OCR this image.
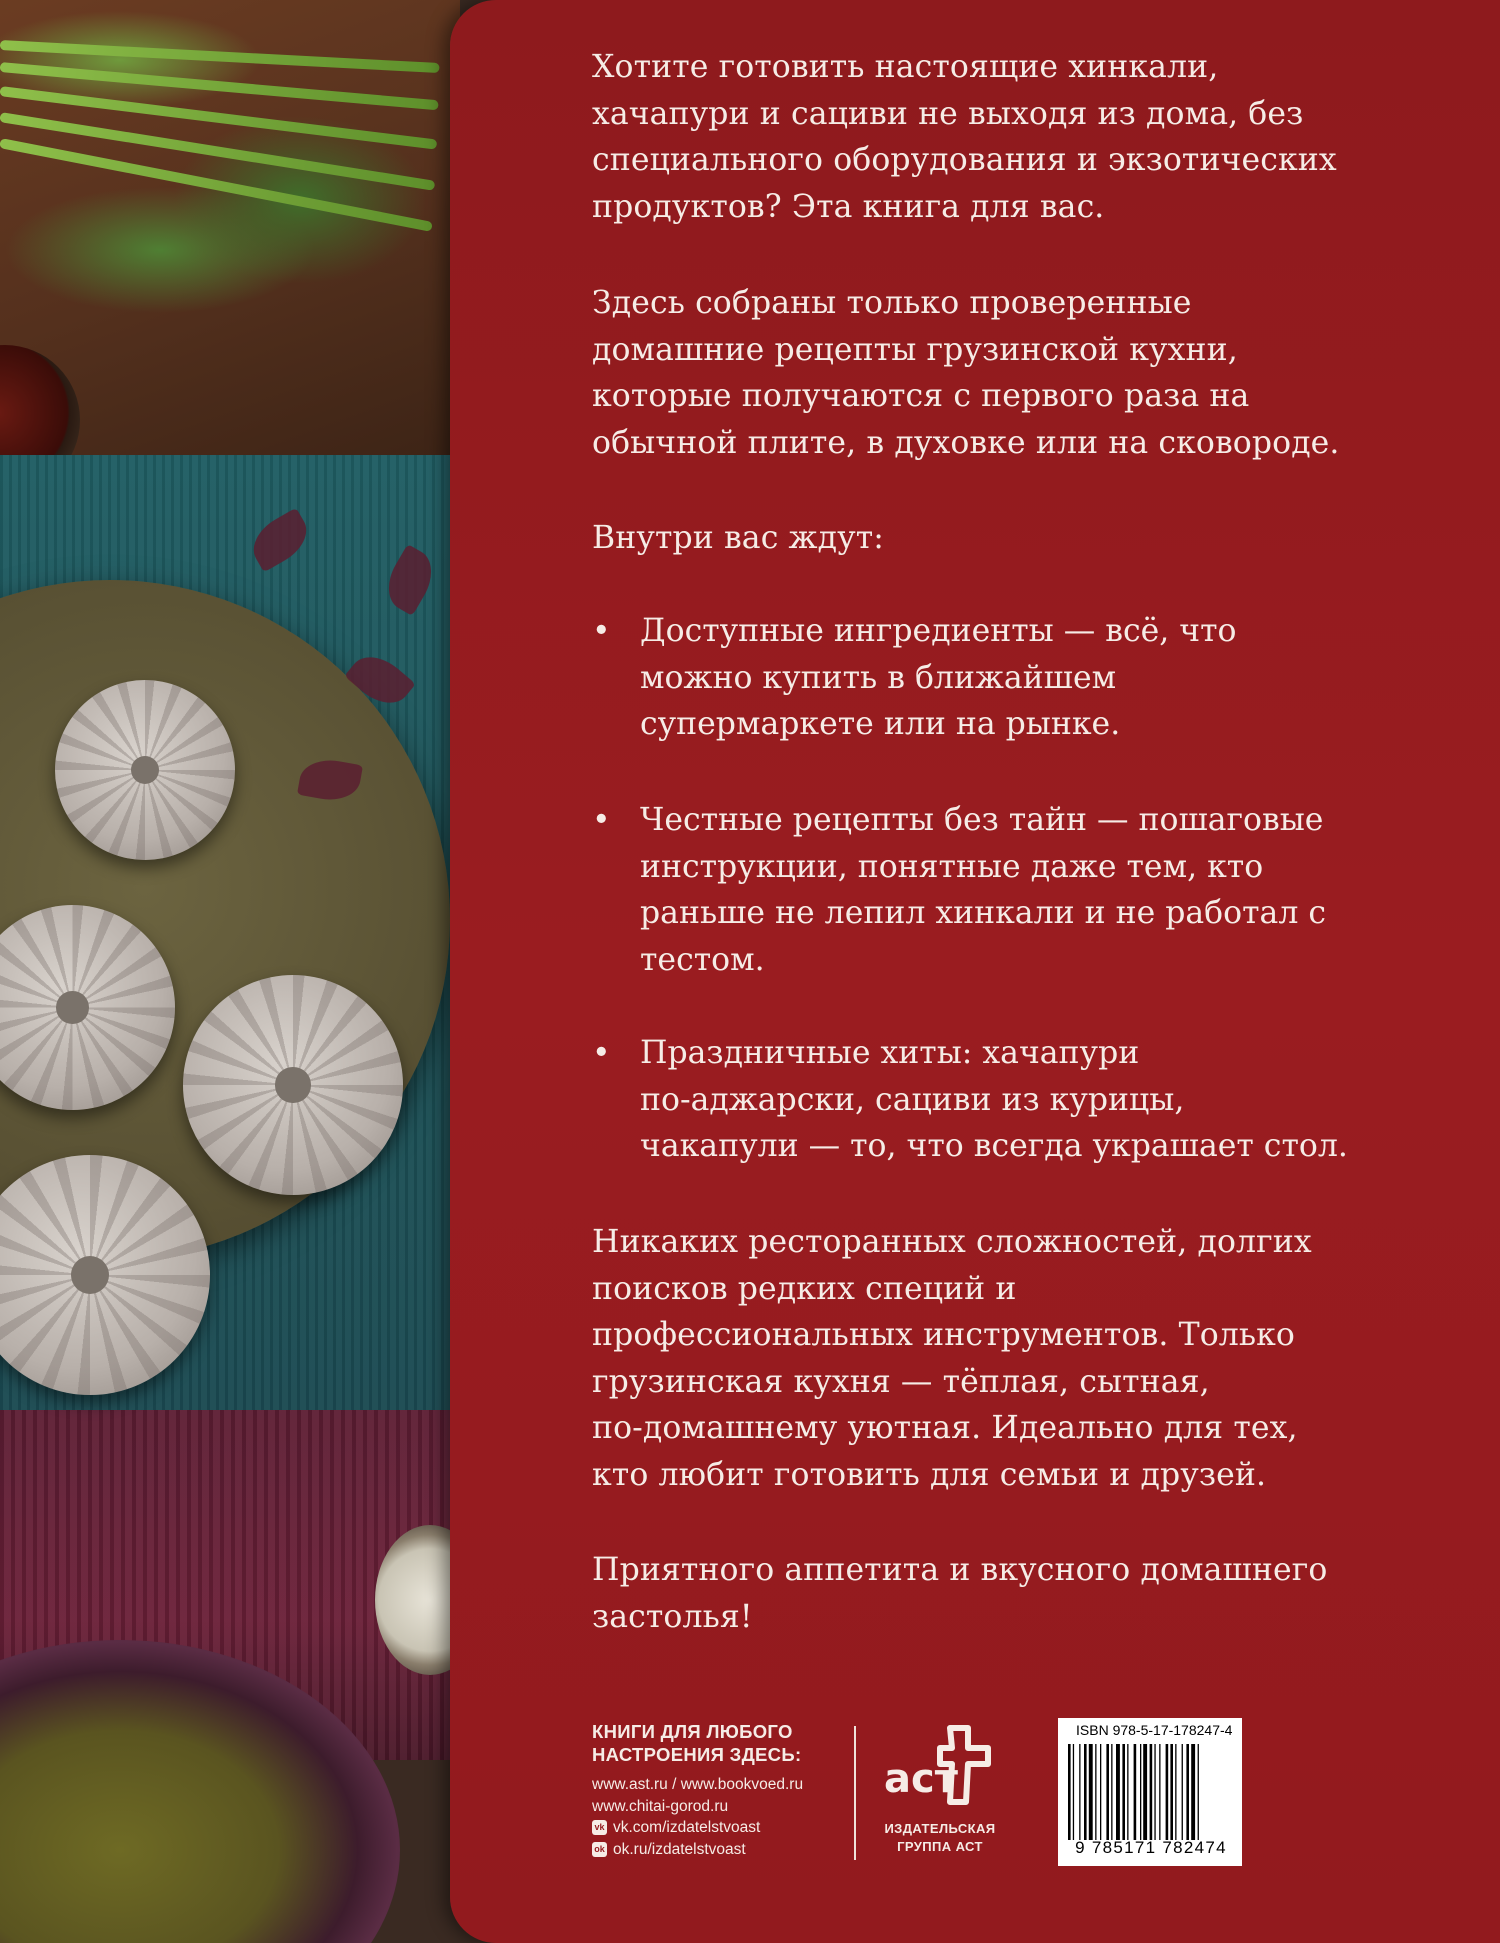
Хотите готовить настоящие хинкали,
хачапури и сациви не выходя из дома, без
специального оборудования и экзотических
продуктов? Эта книга для вас.
Здесь собраны только проверенные
домашние рецепты грузинской кухни,
которые получаются с первого раза на
обычной плите, в духовке или на сковороде.
Внутри вас ждут:
• Доступные ингредиенты — всё, что
можно купить в ближайшем
супермаркете или на рынке.
• Честные рецепты без тайн — пошаговые
инструкции, понятные даже тем, кто
раньше не лепил хинкали и не работал с
тестом.
• Праздничные хиты: хачапури
по-аджарски, сациви из курицы,
чакапули — то, что всегда украшает стол.
Никаких ресторанных сложностей, долгих
поисков редких специй и
профессиональных инструментов. Только
грузинская кухня — тёплая, сытная,
по-домашнему уютная. Идеально для тех,
кто любит готовить для семьи и друзей.
Приятного аппетита и вкусного домашнего
застолья!
КНИГИ ДЛЯ ЛЮБОГО
НАСТРОЕНИЯ ЗДЕСЬ:
www.ast.ru / www.bookvoed.ru
www.chitai-gorod.ru
vk vk.com/izdatelstvoast
ok ok.ru/izdatelstvoast
аст
ИЗДАТЕЛЬСКАЯ
ГРУППА АСТ
ISBN 978-5-17-178247-4
9 785171 782474
